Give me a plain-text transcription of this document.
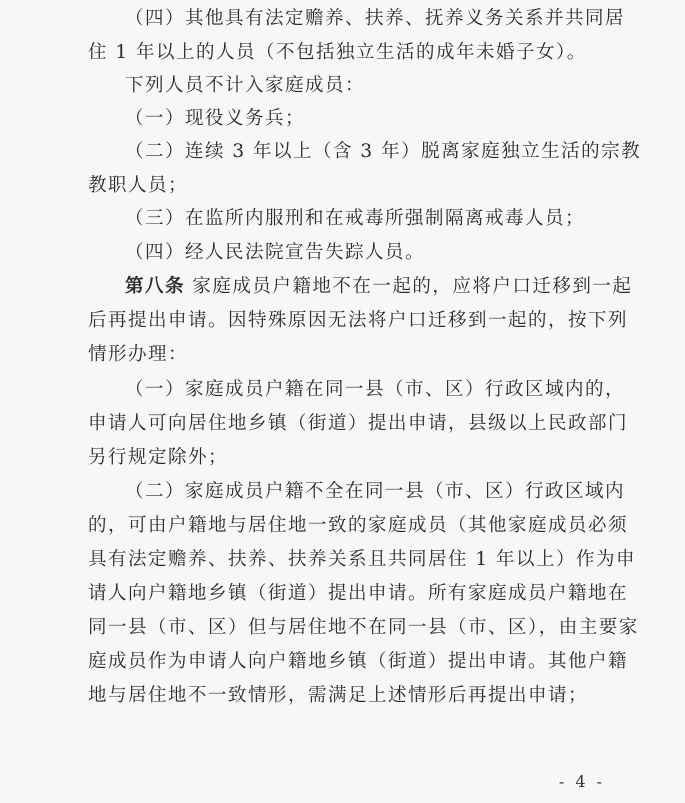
（四）其他具有法定赡养、扶养、抚养义务关系并共同居
住 1 年以上的人员（不包括独立生活的成年未婚子女）。
下列人员不计入家庭成员：
（一）现役义务兵；
（二）连续 3 年以上（含 3 年）脱离家庭独立生活的宗教
教职人员；
（三）在监所内服刑和在戒毒所强制隔离戒毒人员；
（四）经人民法院宣告失踪人员。
第八条 家庭成员户籍地不在一起的，应将户口迁移到一起
后再提出申请。因特殊原因无法将户口迁移到一起的，按下列
情形办理：
（一）家庭成员户籍在同一县（市、区）行政区域内的，
申请人可向居住地乡镇（街道）提出申请，县级以上民政部门
另行规定除外；
（二）家庭成员户籍不全在同一县（市、区）行政区域内
的，可由户籍地与居住地一致的家庭成员（其他家庭成员必须
具有法定赡养、扶养、扶养关系且共同居住 1 年以上）作为申
请人向户籍地乡镇（街道）提出申请。所有家庭成员户籍地在
同一县（市、区）但与居住地不在同一县（市、区），由主要家
庭成员作为申请人向户籍地乡镇（街道）提出申请。其他户籍
地与居住地不一致情形，需满足上述情形后再提出申请；
- 4 -
